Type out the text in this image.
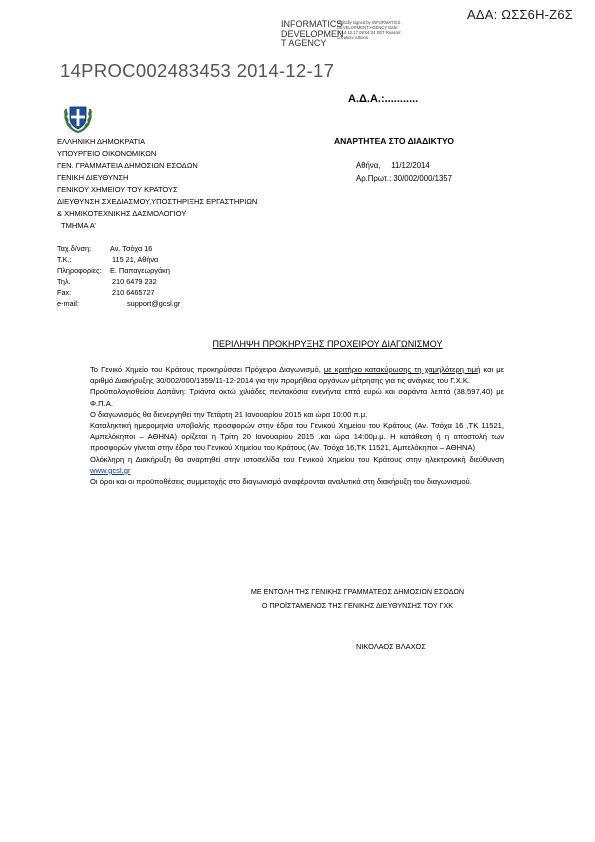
ΑΔΑ: ΩΣΣ6Η-Ζ6Σ
INFORMATICS DEVELOPMEN T AGENCY
Digitally signed by INFORMATICS DEVELOPMENT AGENCY Date: 2014.12.17 09:04:24 EET Reason: Location: Athens
14PROC002483453 2014-12-17
Α.Δ.Α.:...........
ΑΝΑΡΤΗΤΕΑ ΣΤΟ ΔΙΑΔΙΚΤΥΟ
Αθήνα,     11/12/2014
Αρ.Πρωτ.: 30/002/000/1357
ΕΛΛΗΝΙΚΗ ΔΗΜΟΚΡΑΤΙΑ
ΥΠΟΥΡΓΕΙΟ ΟΙΚΟΝΟΜΙΚΩΝ
ΓΕΝ. ΓΡΑΜΜΑΤΕΙΑ ΔΗΜΟΣΙΩΝ ΕΣΟΔΩΝ
ΓΕΝΙΚΗ ΔΙΕΥΘΥΝΣΗ
ΓΕΝΙΚΟΥ ΧΗΜΕΙΟΥ ΤΟΥ ΚΡΑΤΟΥΣ
ΔΙΕΥΘΥΝΣΗ ΣΧΕΔΙΑΣΜΟΥ,ΥΠΟΣΤΗΡΙΞΗΣ ΕΡΓΑΣΤΗΡΙΩΝ
& ΧΗΜΙΚΟΤΕΧΝΙΚΗΣ ΔΑΣΜΟΛΟΓΙΟΥ
ΤΜΗΜΑ Α’
Ταχ.δ/νση:	Αν. Τσόχα 16
Τ.Κ.:	115 21, Αθήνα
Πληροφορίες:	Ε. Παπαγεωργάκη
Τηλ.	210 6479 232
Fax:	210 6465727
e-mail:	support@gcsl.gr
ΠΕΡΙΛΗΨΗ ΠΡΟΚΗΡΥΞΗΣ ΠΡΟΧΕΙΡΟΥ ΔΙΑΓΩΝΙΣΜΟΥ

Το Γενικό Χημείο του Κράτους προκηρύσσει Πρόχειρο Διαγωνισμό, με κριτήριο κατακύρωσης τη χαμηλότερη τιμή και με αριθμό Διακήρυξης 30/002/000/1359/11-12-2014 για την προμήθεια οργάνων μέτρησης για τις ανάγκες του Γ.Χ.Κ.

Προϋπολογισθείσα Δαπάνη: Τριάντα οκτώ χιλιάδες πεντακόσια ενενήντα επτά ευρώ και σαράντα λεπτά (38.597,40) με Φ.Π.Α.

Ο διαγωνισμός θα διενεργηθεί την Τετάρτη 21 Ιανουαρίου 2015 και ώρα 10:00 π.μ.

Καταληκτική ημερομηνία υποβολής προσφορών στην έδρα του Γενικού Χημείου του Κράτους (Αν. Τσόχα 16 ,ΤΚ 11521, Αμπελόκηποι – ΑΘΗΝΑ) ορίζεται η Τρίτη 20 Ιανουαρίου 2015 .και ώρα 14:00μ.μ. Η κατάθεση ή η αποστολή των προσφορών γίνεται στην έδρα του Γενικού Χημείου του Κράτους (Αν. Τσόχα 16,ΤΚ 11521, Αμπελόκηποι – ΑΘΗΝΑ)

Ολόκληρη η Διακήρυξη θα αναρτηθεί στην ιστοσελίδα του Γενικού Χημείου του Κράτους στην ηλεκτρονική διεύθυνση www.gcsl.gr

Οι όροι και οι προϋποθέσεις συμμετοχής στο διαγωνισμό αναφέρονται αναλυτικά στη διακήρυξη του διαγωνισμού.

ΜΕ ΕΝΤΟΛΗ ΤΗΣ ΓΕΝΙΚΗΣ ΓΡΑΜΜΑΤΕΩΣ ΔΗΜΟΣΙΩΝ ΕΣΟΔΩΝ
Ο ΠΡΟΪΣΤΑΜΕΝΟΣ ΤΗΣ ΓΕΝΙΚΗΣ ΔΙΕΥΘΥΝΣΗΣ ΤΟΥ ΓΧΚ
ΝΙΚΟΛΑΟΣ ΒΛΑΧΟΣ
